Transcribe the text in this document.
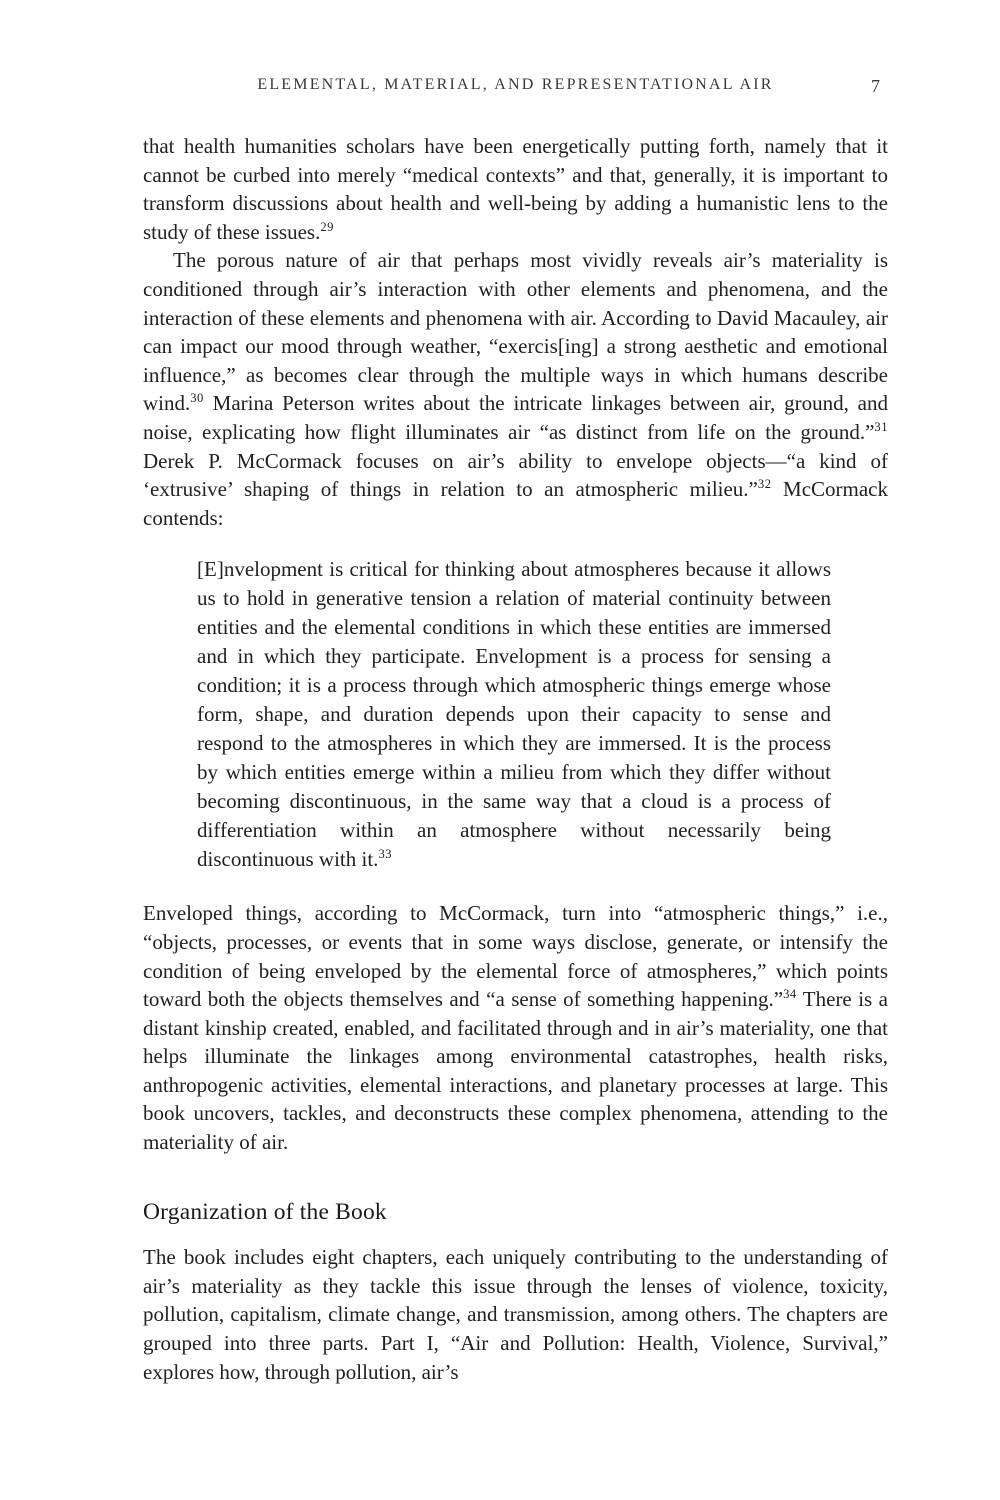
ELEMENTAL, MATERIAL, AND REPRESENTATIONAL AIR	7

that health humanities scholars have been energetically putting forth, namely that it cannot be curbed into merely “medical contexts” and that, generally, it is important to transform discussions about health and well-being by adding a humanistic lens to the study of these issues.$^{29}$

The porous nature of air that perhaps most vividly reveals air’s materiality is conditioned through air’s interaction with other elements and phenomena, and the interaction of these elements and phenomena with air. According to David Macauley, air can impact our mood through weather, “exercis[ing] a strong aesthetic and emotional influence,” as becomes clear through the multiple ways in which humans describe wind.$^{30}$ Marina Peterson writes about the intricate linkages between air, ground, and noise, explicating how flight illuminates air “as distinct from life on the ground.”$^{31}$ Derek P. McCormack focuses on air’s ability to envelope objects—“a kind of ‘extrusive’ shaping of things in relation to an atmospheric milieu.”$^{32}$ McCormack contends:

[E]nvelopment is critical for thinking about atmospheres because it allows us to hold in generative tension a relation of material continuity between entities and the elemental conditions in which these entities are immersed and in which they participate. Envelopment is a process for sensing a condition; it is a process through which atmospheric things emerge whose form, shape, and duration depends upon their capacity to sense and respond to the atmospheres in which they are immersed. It is the process by which entities emerge within a milieu from which they differ without becoming discontinuous, in the same way that a cloud is a process of differentiation within an atmosphere without necessarily being discontinuous with it.$^{33}$

Enveloped things, according to McCormack, turn into “atmospheric things,” i.e., “objects, processes, or events that in some ways disclose, generate, or intensify the condition of being enveloped by the elemental force of atmospheres,” which points toward both the objects themselves and “a sense of something happening.”$^{34}$ There is a distant kinship created, enabled, and facilitated through and in air’s materiality, one that helps illuminate the linkages among environmental catastrophes, health risks, anthropogenic activities, elemental interactions, and planetary processes at large. This book uncovers, tackles, and deconstructs these complex phenomena, attending to the materiality of air.

Organization of the Book

The book includes eight chapters, each uniquely contributing to the understanding of air’s materiality as they tackle this issue through the lenses of violence, toxicity, pollution, capitalism, climate change, and transmission, among others. The chapters are grouped into three parts. Part I, “Air and Pollution: Health, Violence, Survival,” explores how, through pollution, air’s
